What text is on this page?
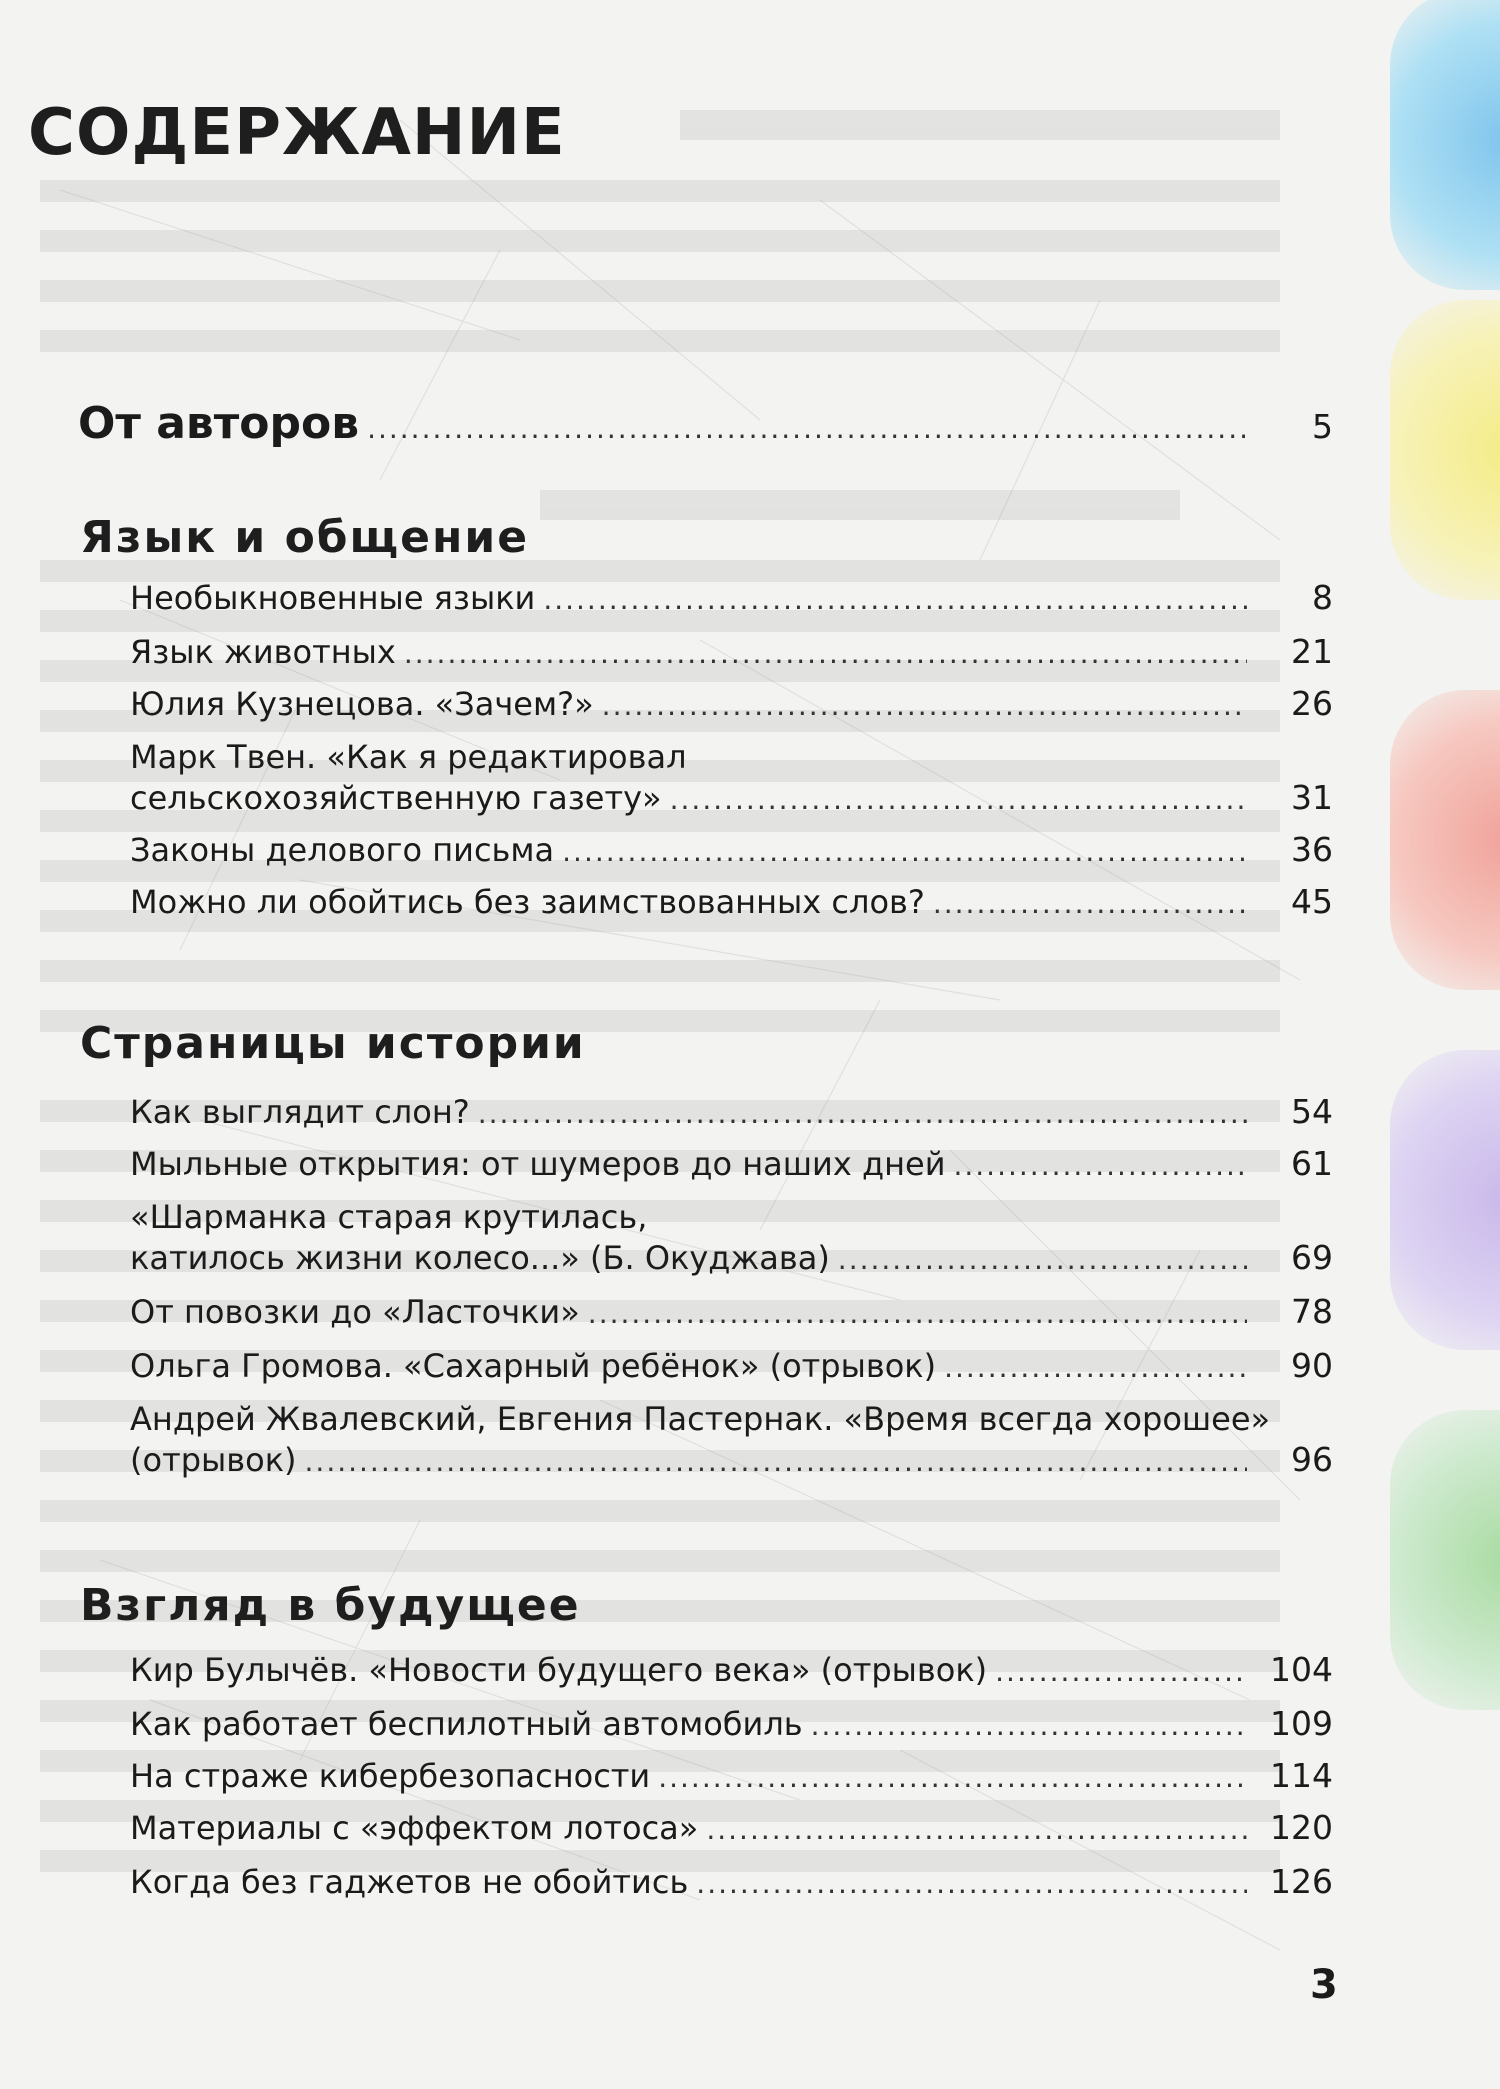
СОДЕРЖАНИЕ
От авторов .....	5
Язык и общение
Необыкновенные языки .....	8
Язык животных .....	21
Юлия Кузнецова. «Зачем?» .....	26
Марк Твен. «Как я редактировал
сельскохозяйственную газету» .....	31
Законы делового письма .....	36
Можно ли обойтись без заимствованных слов? .....	45
Страницы истории
Как выглядит слон? .....	54
Мыльные открытия: от шумеров до наших дней .....	61
«Шарманка старая крутилась,
катилось жизни колесо...» (Б. Окуджава) .....	69
От повозки до «Ласточки» .....	78
Ольга Громова. «Сахарный ребёнок» (отрывок) .....	90
Андрей Жвалевский, Евгения Пастернак. «Время всегда хорошее»
(отрывок) .....	96
Взгляд в будущее
Кир Булычёв. «Новости будущего века» (отрывок) .....	104
Как работает беспилотный автомобиль .....	109
На страже кибербезопасности .....	114
Материалы с «эффектом лотоса» .....	120
Когда без гаджетов не обойтись .....	126
3
